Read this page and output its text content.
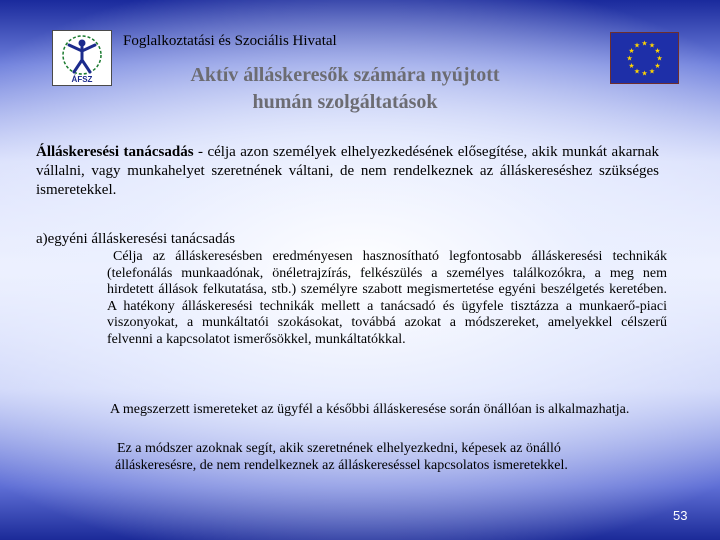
ÁFSZ
Foglalkoztatási és Szociális Hivatal	★ ★
★
★
★
★
★
★
★
★
★
★
Aktív álláskeresők számára nyújtott
humán szolgáltatások

Álláskeresési tanácsadás - célja azon személyek elhelyezkedésének elősegítése, akik munkát akarnak vállalni, vagy munkahelyet szeretnének váltani, de nem rendelkeznek az álláskereséshez szükséges ismeretekkel.

a)egyéni álláskeresési tanácsadás

Célja az álláskeresésben eredményesen hasznosítható legfontosabb álláskeresési technikák (telefonálás munkaadónak, önéletrajzírás, felkészülés a személyes találkozókra, a meg nem hirdetett állások felkutatása, stb.) személyre szabott megismertetése egyéni beszélgetés keretében. A hatékony álláskeresési technikák mellett a tanácsadó és ügyfele tisztázza a munkaerő-piaci viszonyokat, a munkáltatói szokásokat, továbbá azokat a módszereket, amelyekkel célszerű felvenni a kapcsolatot ismerősökkel, munkáltatókkal.

A megszerzett ismereteket az ügyfél a későbbi álláskeresése során önállóan is alkalmazhatja.

Ez a módszer azoknak segít, akik szeretnének elhelyezkedni, képesek az önálló álláskeresésre, de nem rendelkeznek az álláskereséssel kapcsolatos ismeretekkel.

53
